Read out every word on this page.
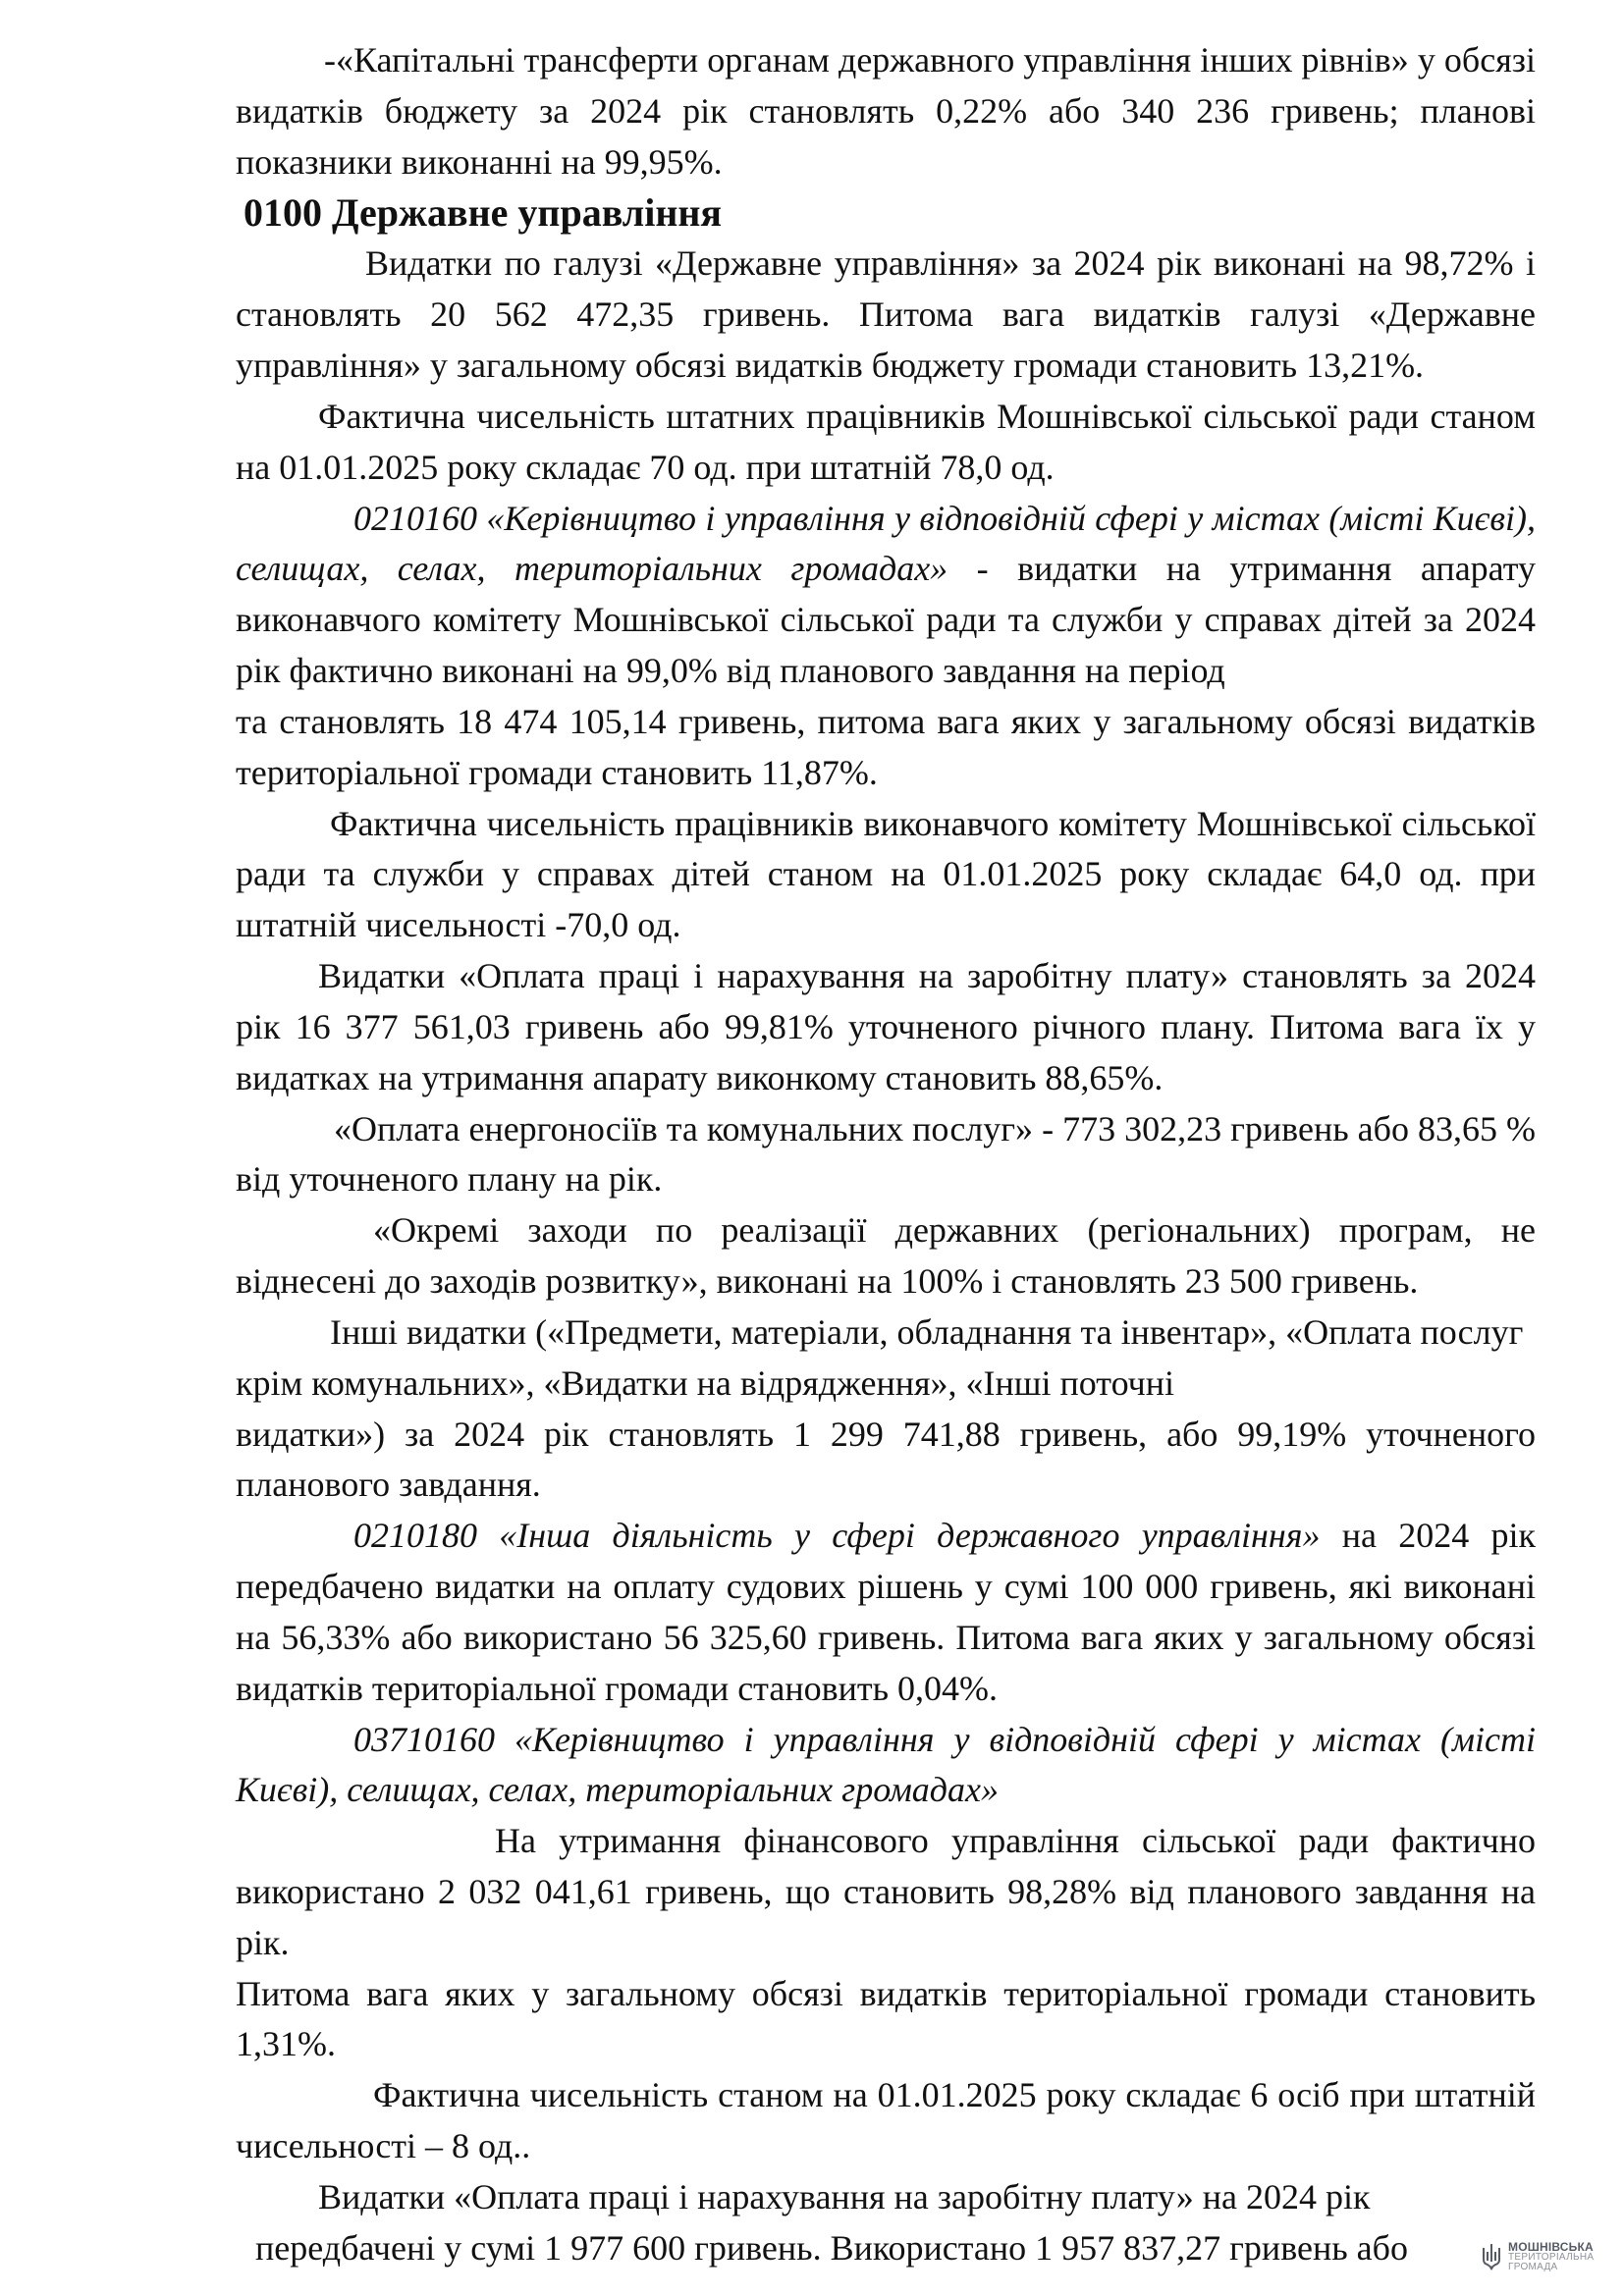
-«Капітальні трансферти органам державного управління інших рівнів» у обсязі видатків бюджету за 2024 рік становлять 0,22% або 340 236 гривень; планові показники виконанні на 99,95%.

0100 Державне управління

Видатки по галузі «Державне управління» за 2024 рік виконані на 98,72% і становлять 20 562 472,35 гривень. Питома вага видатків галузі «Державне управління» у загальному обсязі видатків бюджету громади становить 13,21%.

Фактична чисельність штатних працівників Мошнівської сільської ради станом на 01.01.2025 року складає 70 од. при штатній 78,0 од.

0210160 «Керівництво і управління у відповідній сфері у містах (місті Києві), селищах, селах, територіальних громадах» - видатки на утримання апарату виконавчого комітету Мошнівської сільської ради та служби у справах дітей за 2024 рік фактично виконані на 99,0% від планового завдання на період

та становлять 18 474 105,14 гривень, питома вага яких у загальному обсязі видатків територіальної громади становить 11,87%.

Фактична чисельність працівників виконавчого комітету Мошнівської сільської ради та служби у справах дітей станом на 01.01.2025 року складає 64,0 од. при штатній чисельності -70,0 од.

Видатки «Оплата праці і нарахування на заробітну плату» становлять за 2024 рік 16 377 561,03 гривень або 99,81% уточненого річного плану. Питома вага їх у видатках на утримання апарату виконкому становить 88,65%.

«Оплата енергоносіїв та комунальних послуг» - 773 302,23 гривень або 83,65 % від уточненого плану на рік.

«Окремі заходи по реалізації державних (регіональних) програм, не віднесені до заходів розвитку», виконані на 100% і становлять 23 500 гривень.

Інші видатки («Предмети, матеріали, обладнання та інвентар», «Оплата послуг крім комунальних», «Видатки на відрядження», «Інші поточні

видатки») за 2024 рік становлять 1 299 741,88 гривень, або 99,19% уточненого планового завдання.

0210180 «Інша діяльність у сфері державного управління» на 2024 рік передбачено видатки на оплату судових рішень у сумі 100 000 гривень, які виконані на 56,33% або використано 56 325,60 гривень. Питома вага яких у загальному обсязі видатків територіальної громади становить 0,04%.

03710160 «Керівництво і управління у відповідній сфері у містах (місті Києві), селищах, селах, територіальних громадах»

На утримання фінансового управління сільської ради фактично використано 2 032 041,61 гривень, що становить 98,28% від планового завдання на рік.

Питома вага яких у загальному обсязі видатків територіальної громади становить 1,31%.

Фактична чисельність станом на 01.01.2025 року складає 6 осіб при штатній чисельності – 8 од..

Видатки «Оплата праці і нарахування на заробітну плату» на 2024 рік

передбачені у сумі 1 977 600 гривень. Використано 1 957 837,27 гривень або	МОШНІВСЬКА
ТЕРИТОРІАЛЬНА
ГРОМАДА
